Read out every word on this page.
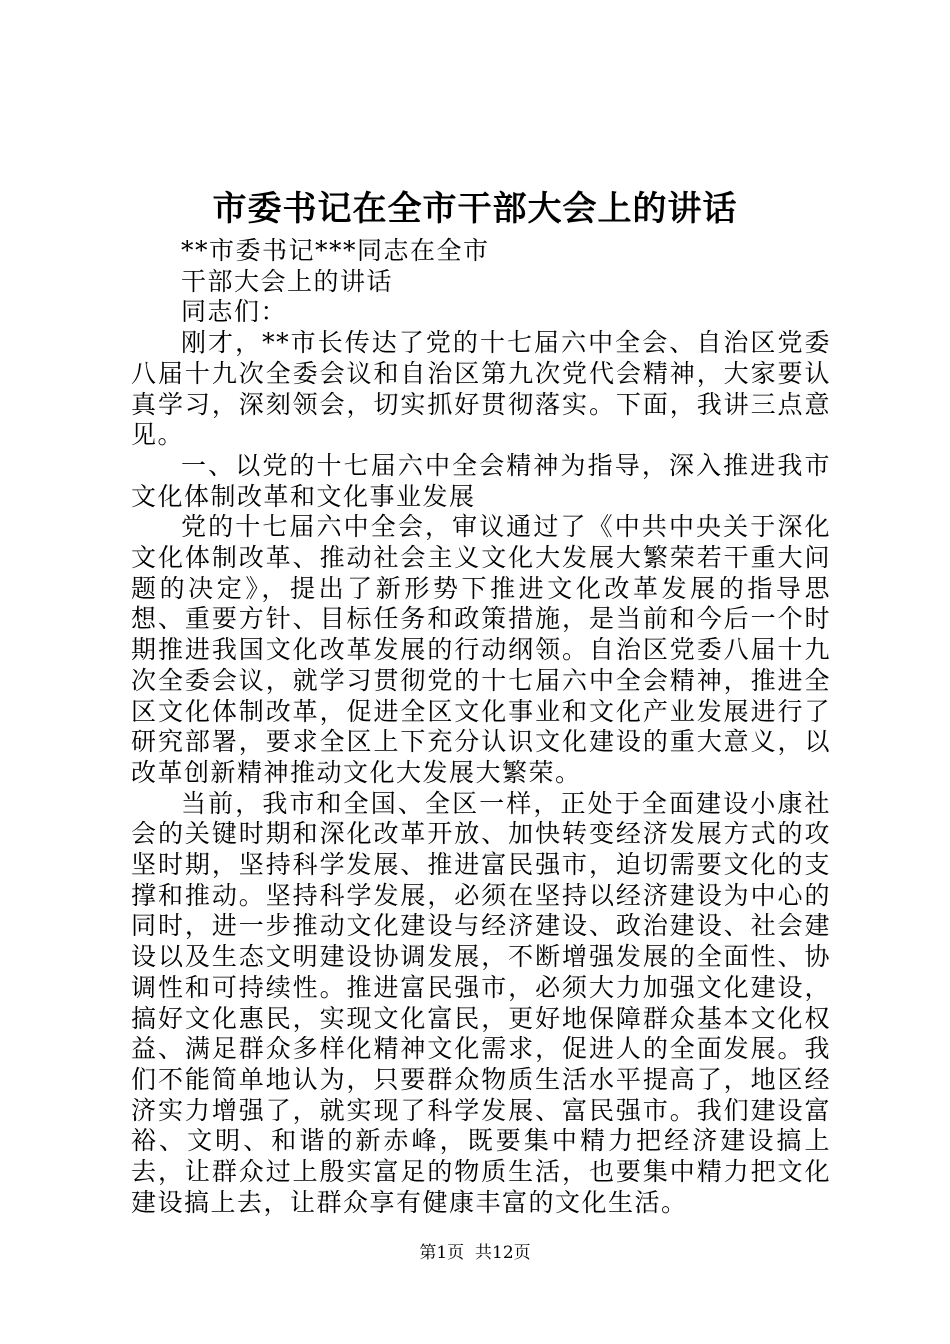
市委书记在全市干部大会上的讲话

**市委书记***同志在全市

干部大会上的讲话

同志们：

刚才，**市长传达了党的十七届六中全会、自治区党委八届十九次全委会议和自治区第九次党代会精神，大家要认真学习，深刻领会，切实抓好贯彻落实。下面，我讲三点意见。

一、以党的十七届六中全会精神为指导，深入推进我市文化体制改革和文化事业发展

党的十七届六中全会，审议通过了《中共中央关于深化文化体制改革、推动社会主义文化大发展大繁荣若干重大问题的决定》，提出了新形势下推进文化改革发展的指导思想、重要方针、目标任务和政策措施，是当前和今后一个时期推进我国文化改革发展的行动纲领。自治区党委八届十九次全委会议，就学习贯彻党的十七届六中全会精神，推进全区文化体制改革，促进全区文化事业和文化产业发展进行了研究部署，要求全区上下充分认识文化建设的重大意义，以改革创新精神推动文化大发展大繁荣。

当前，我市和全国、全区一样，正处于全面建设小康社会的关键时期和深化改革开放、加快转变经济发展方式的攻坚时期，坚持科学发展、推进富民强市，迫切需要文化的支撑和推动。坚持科学发展，必须在坚持以经济建设为中心的同时，进一步推动文化建设与经济建设、政治建设、社会建设以及生态文明建设协调发展，不断增强发展的全面性、协调性和可持续性。推进富民强市，必须大力加强文化建设，搞好文化惠民，实现文化富民，更好地保障群众基本文化权益、满足群众多样化精神文化需求，促进人的全面发展。我们不能简单地认为，只要群众物质生活水平提高了，地区经济实力增强了，就实现了科学发展、富民强市。我们建设富裕、文明、和谐的新赤峰，既要集中精力把经济建设搞上去，让群众过上殷实富足的物质生活，也要集中精力把文化建设搞上去，让群众享有健康丰富的文化生活。

第1页 共12页
